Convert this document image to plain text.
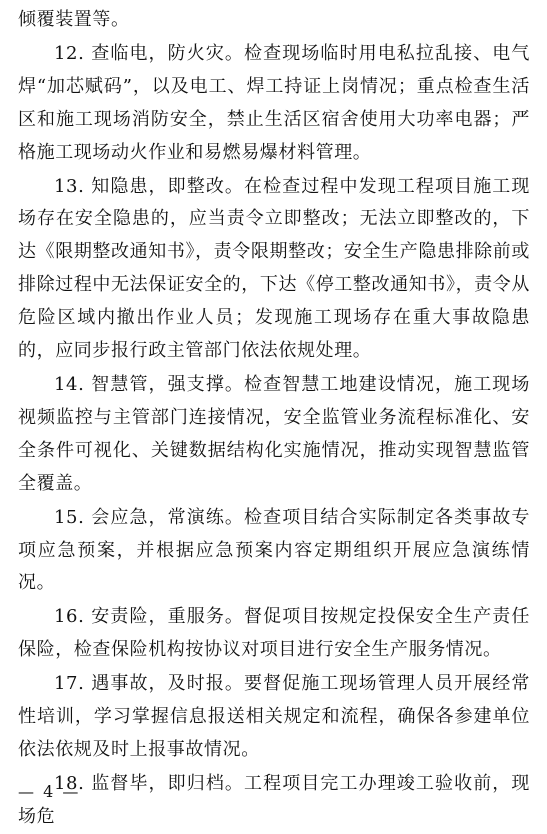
倾覆装置等。

12. 查临电，防火灾。检查现场临时用电私拉乱接、电气焊“加芯赋码”，以及电工、焊工持证上岗情况；重点检查生活区和施工现场消防安全，禁止生活区宿舍使用大功率电器；严格施工现场动火作业和易燃易爆材料管理。

13. 知隐患，即整改。在检查过程中发现工程项目施工现场存在安全隐患的，应当责令立即整改；无法立即整改的，下达《限期整改通知书》，责令限期整改；安全生产隐患排除前或排除过程中无法保证安全的，下达《停工整改通知书》，责令从危险区域内撤出作业人员；发现施工现场存在重大事故隐患的，应同步报行政主管部门依法依规处理。

14. 智慧管，强支撑。检查智慧工地建设情况，施工现场视频监控与主管部门连接情况，安全监管业务流程标准化、安全条件可视化、关键数据结构化实施情况，推动实现智慧监管全覆盖。

15. 会应急，常演练。检查项目结合实际制定各类事故专项应急预案，并根据应急预案内容定期组织开展应急演练情况。

16. 安责险，重服务。督促项目按规定投保安全生产责任保险，检查保险机构按协议对项目进行安全生产服务情况。

17. 遇事故，及时报。要督促施工现场管理人员开展经常性培训，学习掌握信息报送相关规定和流程，确保各参建单位依法依规及时上报事故情况。

18. 监督毕，即归档。工程项目完工办理竣工验收前，现场危

— 4 —
